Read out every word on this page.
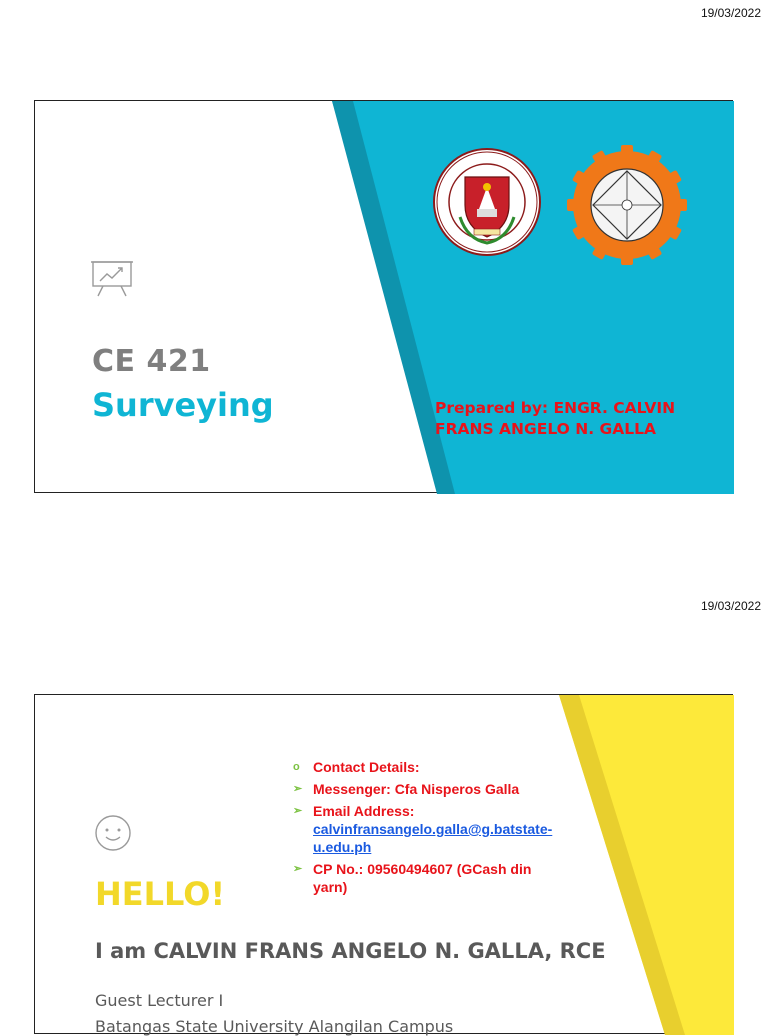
19/03/2022
CE 421
Surveying	Prepared by: ENGR. CALVIN
FRANS ANGELO N. GALLA
19/03/2022
o Contact Details:
➢ Messenger: Cfa Nisperos Galla
➢ Email Address:
calvinfransangelo.galla@g.batstate-
u.edu.ph
➢ CP No.: 09560494607 (GCash din
yarn)
HELLO!
I am CALVIN FRANS ANGELO N. GALLA, RCE
Guest Lecturer I
Batangas State University Alangilan Campus
